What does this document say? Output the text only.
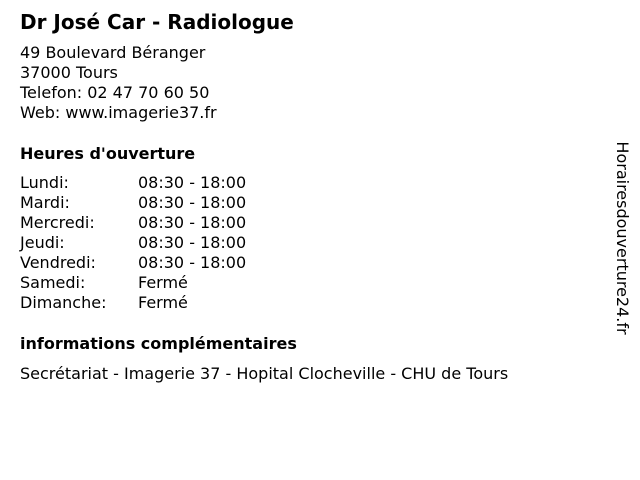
Dr José Car - Radiologue
49 Boulevard Béranger
37000 Tours
Telefon: 02 47 70 60 50
Web: www.imagerie37.fr
Heures d'ouverture
Lundi:	08:30 - 18:00
Mardi:	08:30 - 18:00
Mercredi:	08:30 - 18:00
Jeudi:	08:30 - 18:00
Vendredi:	08:30 - 18:00
Samedi:	Fermé
Dimanche:	Fermé
informations complémentaires
Secrétariat - Imagerie 37 - Hopital Clocheville - CHU de Tours
Horairesdouverture24.fr
